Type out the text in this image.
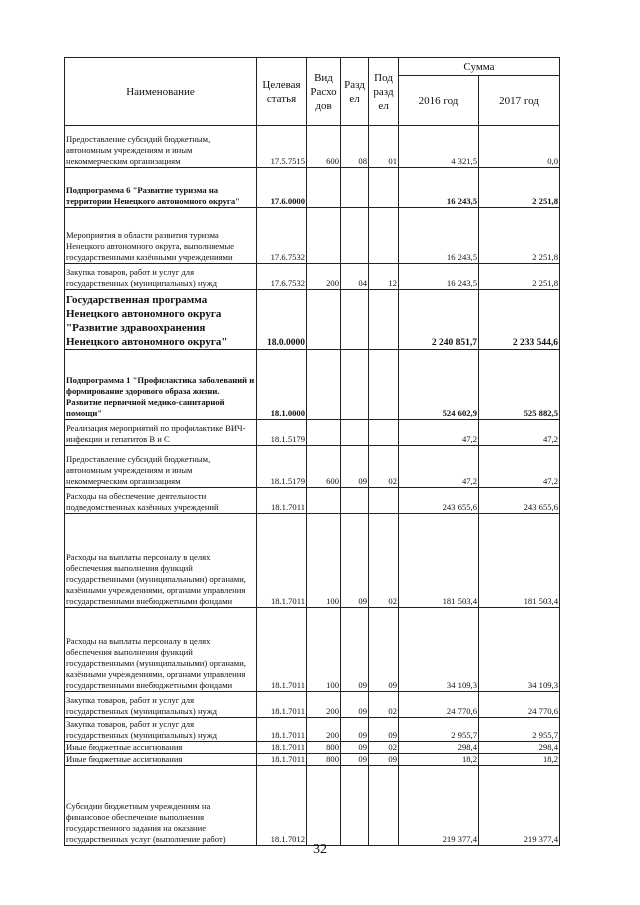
Наименование	Целевая статья	Вид Расхо дов	Разд ел	Под разд ел	Сумма	
					2016 год	2017 год
Предоставление субсидий бюджетным, автономным учреждениям и иным некоммерческим организациям	17.5.7515	600	08	01	4 321,5	0,0
Подпрограмма 6 "Развитие туризма на территории Ненецкого автономного округа"	17.6.0000				16 243,5	2 251,8
Мероприятия в области развития туризма Ненецкого автономного округа, выполняемые государственными казёнными учреждениями	17.6.7532				16 243,5	2 251,8
Закупка товаров, работ и услуг для государственных (муниципальных) нужд	17.6.7532	200	04	12	16 243,5	2 251,8
Государственная программа Ненецкого автономного округа "Развитие здравоохранения Ненецкого автономного округа"	18.0.0000				2 240 851,7	2 233 544,6
Подпрограмма 1 "Профилактика заболеваний и формирование здорового образа жизни. Развитие первичной медико-санитарной помощи"	18.1.0000				524 602,9	525 882,5
Реализация мероприятий по профилактике ВИЧ-инфекции и гепатитов В и С	18.1.5179				47,2	47,2
Предоставление субсидий бюджетным, автономным учреждениям и иным некоммерческим организациям	18.1.5179	600	09	02	47,2	47,2
Расходы на обеспечение деятельности подведомственных казённых учреждений	18.1.7011				243 655,6	243 655,6
Расходы на выплаты персоналу в целях обеспечения выполнения функций государственными (муниципальными) органами, казёнными учреждениями, органами управления государственными внебюджетными фондами	18.1.7011	100	09	02	181 503,4	181 503,4
Расходы на выплаты персоналу в целях обеспечения выполнения функций государственными (муниципальными) органами, казёнными учреждениями, органами управления государственными внебюджетными фондами	18.1.7011	100	09	09	34 109,3	34 109,3
Закупка товаров, работ и услуг для государственных (муниципальных) нужд	18.1.7011	200	09	02	24 770,6	24 770,6
Закупка товаров, работ и услуг для государственных (муниципальных) нужд	18.1.7011	200	09	09	2 955,7	2 955,7
Иные бюджетные ассигнования	18.1.7011	800	09	02	298,4	298,4
Иные бюджетные ассигнования	18.1.7011	800	09	09	18,2	18,2
Субсидии бюджетным учреждениям на финансовое обеспечение выполнения государственного задания на оказание государственных услуг (выполнение работ)	18.1.7012				219 377,4	219 377,4
32
